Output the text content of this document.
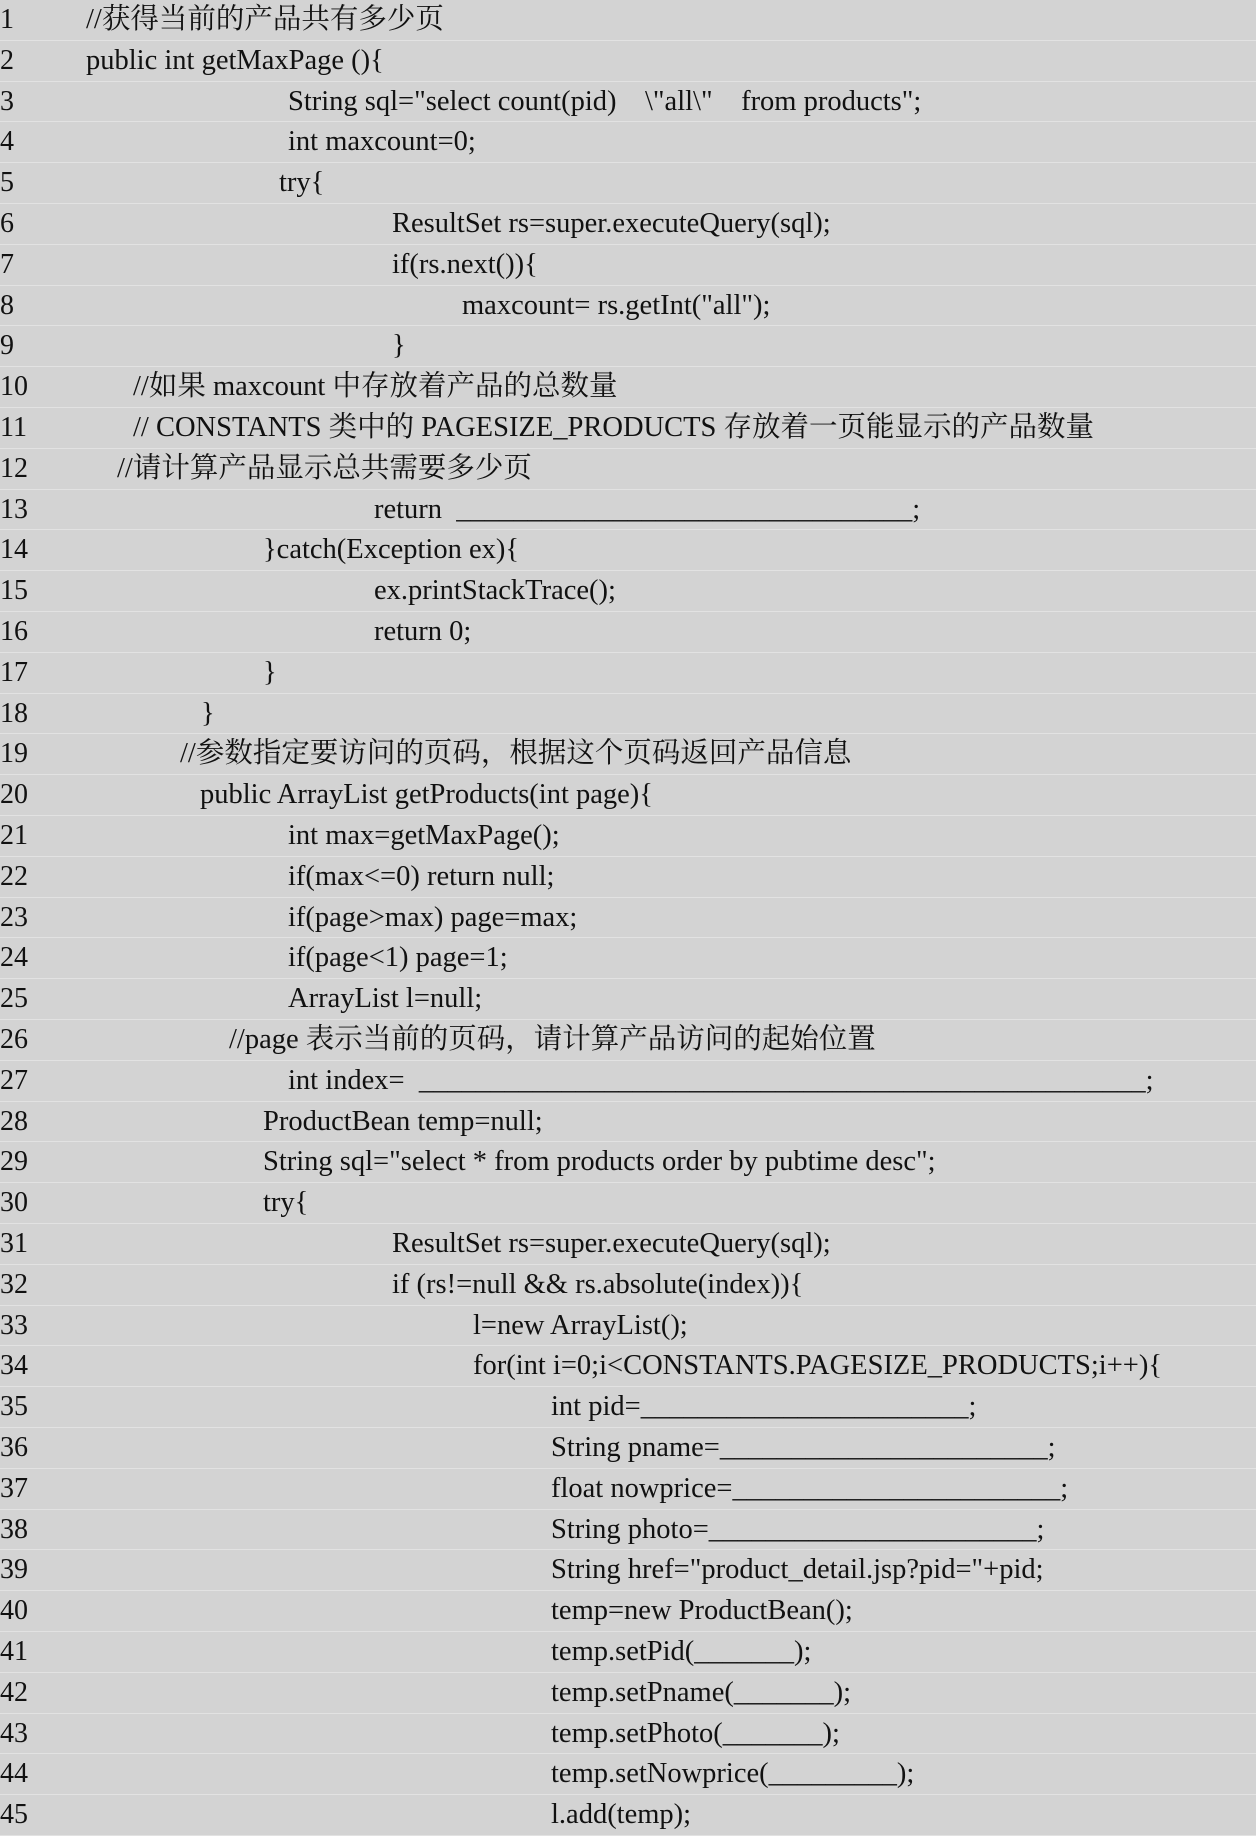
1	//获得当前的产品共有多少页
2	public int getMaxPage (){
3	String sql="select count(pid)    \"all\"    from products";
4	int maxcount=0;
5	try{
6	ResultSet rs=super.executeQuery(sql);
7	if(rs.next()){
8	maxcount= rs.getInt("all");
9	}
10	//如果 maxcount 中存放着产品的总数量
11	// CONSTANTS 类中的 PAGESIZE_PRODUCTS 存放着一页能显示的产品数量
12	//请计算产品显示总共需要多少页
13	return  ________________________________;
14	}catch(Exception ex){
15	ex.printStackTrace();
16	return 0;
17	}
18	}
19	//参数指定要访问的页码，根据这个页码返回产品信息
20	public ArrayList getProducts(int page){
21	int max=getMaxPage();
22	if(max<=0) return null;
23	if(page>max) page=max;
24	if(page<1) page=1;
25	ArrayList l=null;
26	//page 表示当前的页码，请计算产品访问的起始位置
27	int index=  ___________________________________________________;
28	ProductBean temp=null;
29	String sql="select * from products order by pubtime desc";
30	try{
31	ResultSet rs=super.executeQuery(sql);
32	if (rs!=null && rs.absolute(index)){
33	l=new ArrayList();
34	for(int i=0;i<CONSTANTS.PAGESIZE_PRODUCTS;i++){
35	int pid=_______________________;
36	String pname=_______________________;
37	float nowprice=_______________________;
38	String photo=_______________________;
39	String href="product_detail.jsp?pid="+pid;
40	temp=new ProductBean();
41	temp.setPid(_______);
42	temp.setPname(_______);
43	temp.setPhoto(_______);
44	temp.setNowprice(_________);
45	l.add(temp);
